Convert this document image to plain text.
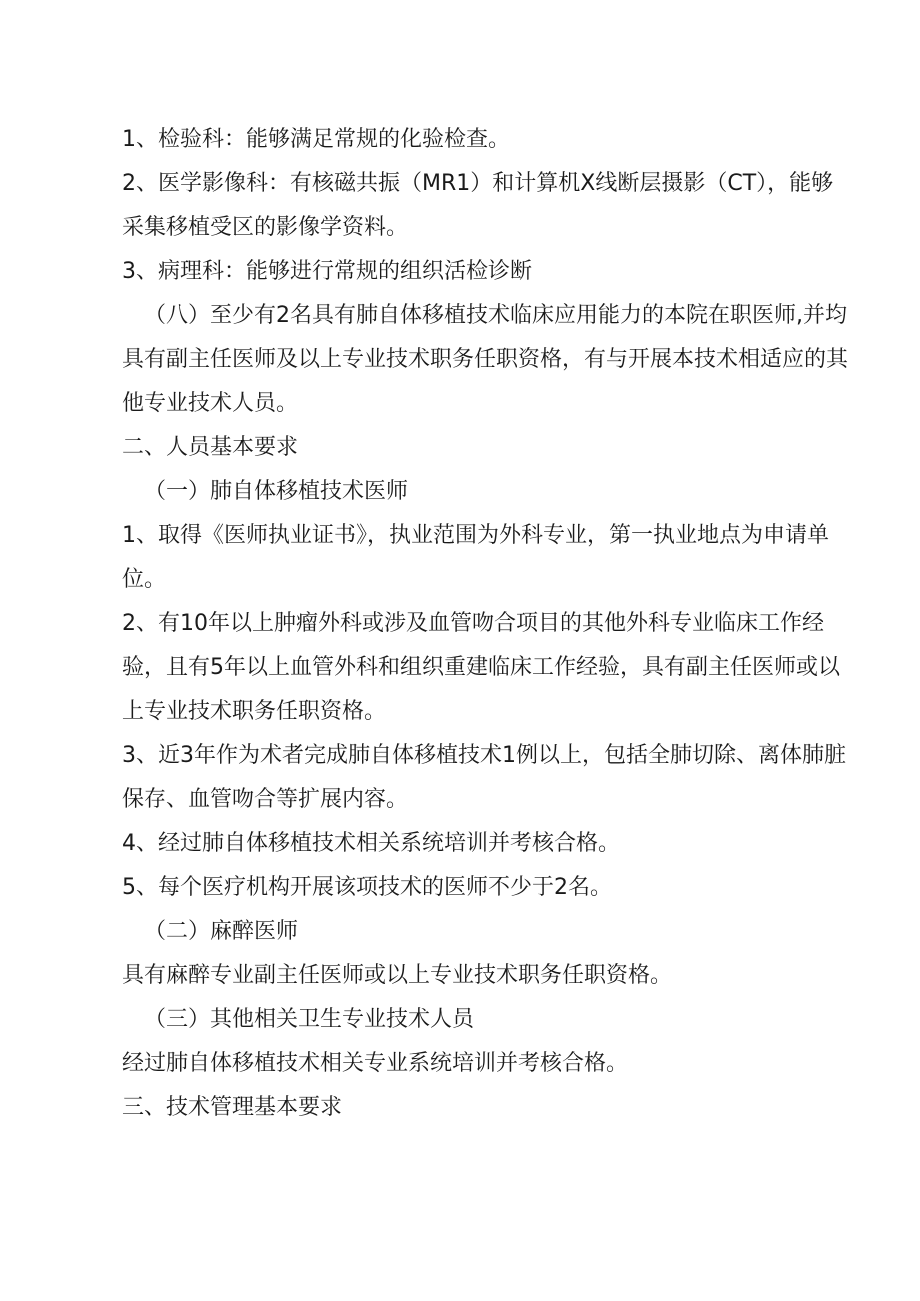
1、检验科：能够满足常规的化验检查。

2、医学影像科：有核磁共振（MR1）和计算机X线断层摄影（CT），能够采集移植受区的影像学资料。

3、病理科：能够进行常规的组织活检诊断

（八）至少有2名具有肺自体移植技术临床应用能力的本院在职医师,并均具有副主任医师及以上专业技术职务任职资格，有与开展本技术相适应的其他专业技术人员。

二、人员基本要求

（一）肺自体移植技术医师

1、取得《医师执业证书》，执业范围为外科专业，第一执业地点为申请单位。

2、有10年以上肿瘤外科或涉及血管吻合项目的其他外科专业临床工作经验，且有5年以上血管外科和组织重建临床工作经验，具有副主任医师或以上专业技术职务任职资格。

3、近3年作为术者完成肺自体移植技术1例以上，包括全肺切除、离体肺脏保存、血管吻合等扩展内容。

4、经过肺自体移植技术相关系统培训并考核合格。

5、每个医疗机构开展该项技术的医师不少于2名。

（二）麻醉医师

具有麻醉专业副主任医师或以上专业技术职务任职资格。

（三）其他相关卫生专业技术人员

经过肺自体移植技术相关专业系统培训并考核合格。

三、技术管理基本要求
